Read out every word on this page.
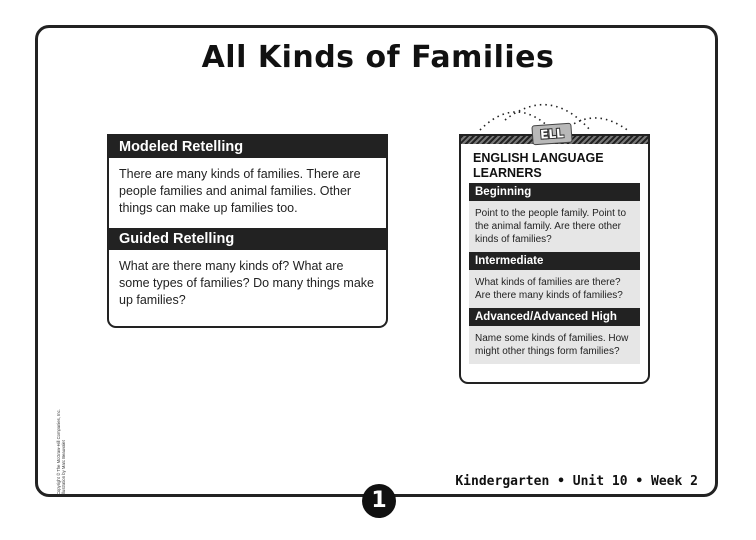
All Kinds of Families
Modeled Retelling
There are many kinds of families. There are people families and animal families. Other things can make up families too.
Guided Retelling
What are there many kinds of? What are some types of families? Do many things make up families?
ENGLISH LANGUAGE LEARNERS
Beginning
Point to the people family. Point to the animal family. Are there other kinds of families?
Intermediate
What kinds of families are there? Are there many kinds of families?
Advanced/Advanced High
Name some kinds of families. How might other things form families?
ELL
Copyright © The McGraw-Hill Companies, Inc. Illustration by Marc Beauvalet	Kindergarten • Unit 10 • Week 2
1
